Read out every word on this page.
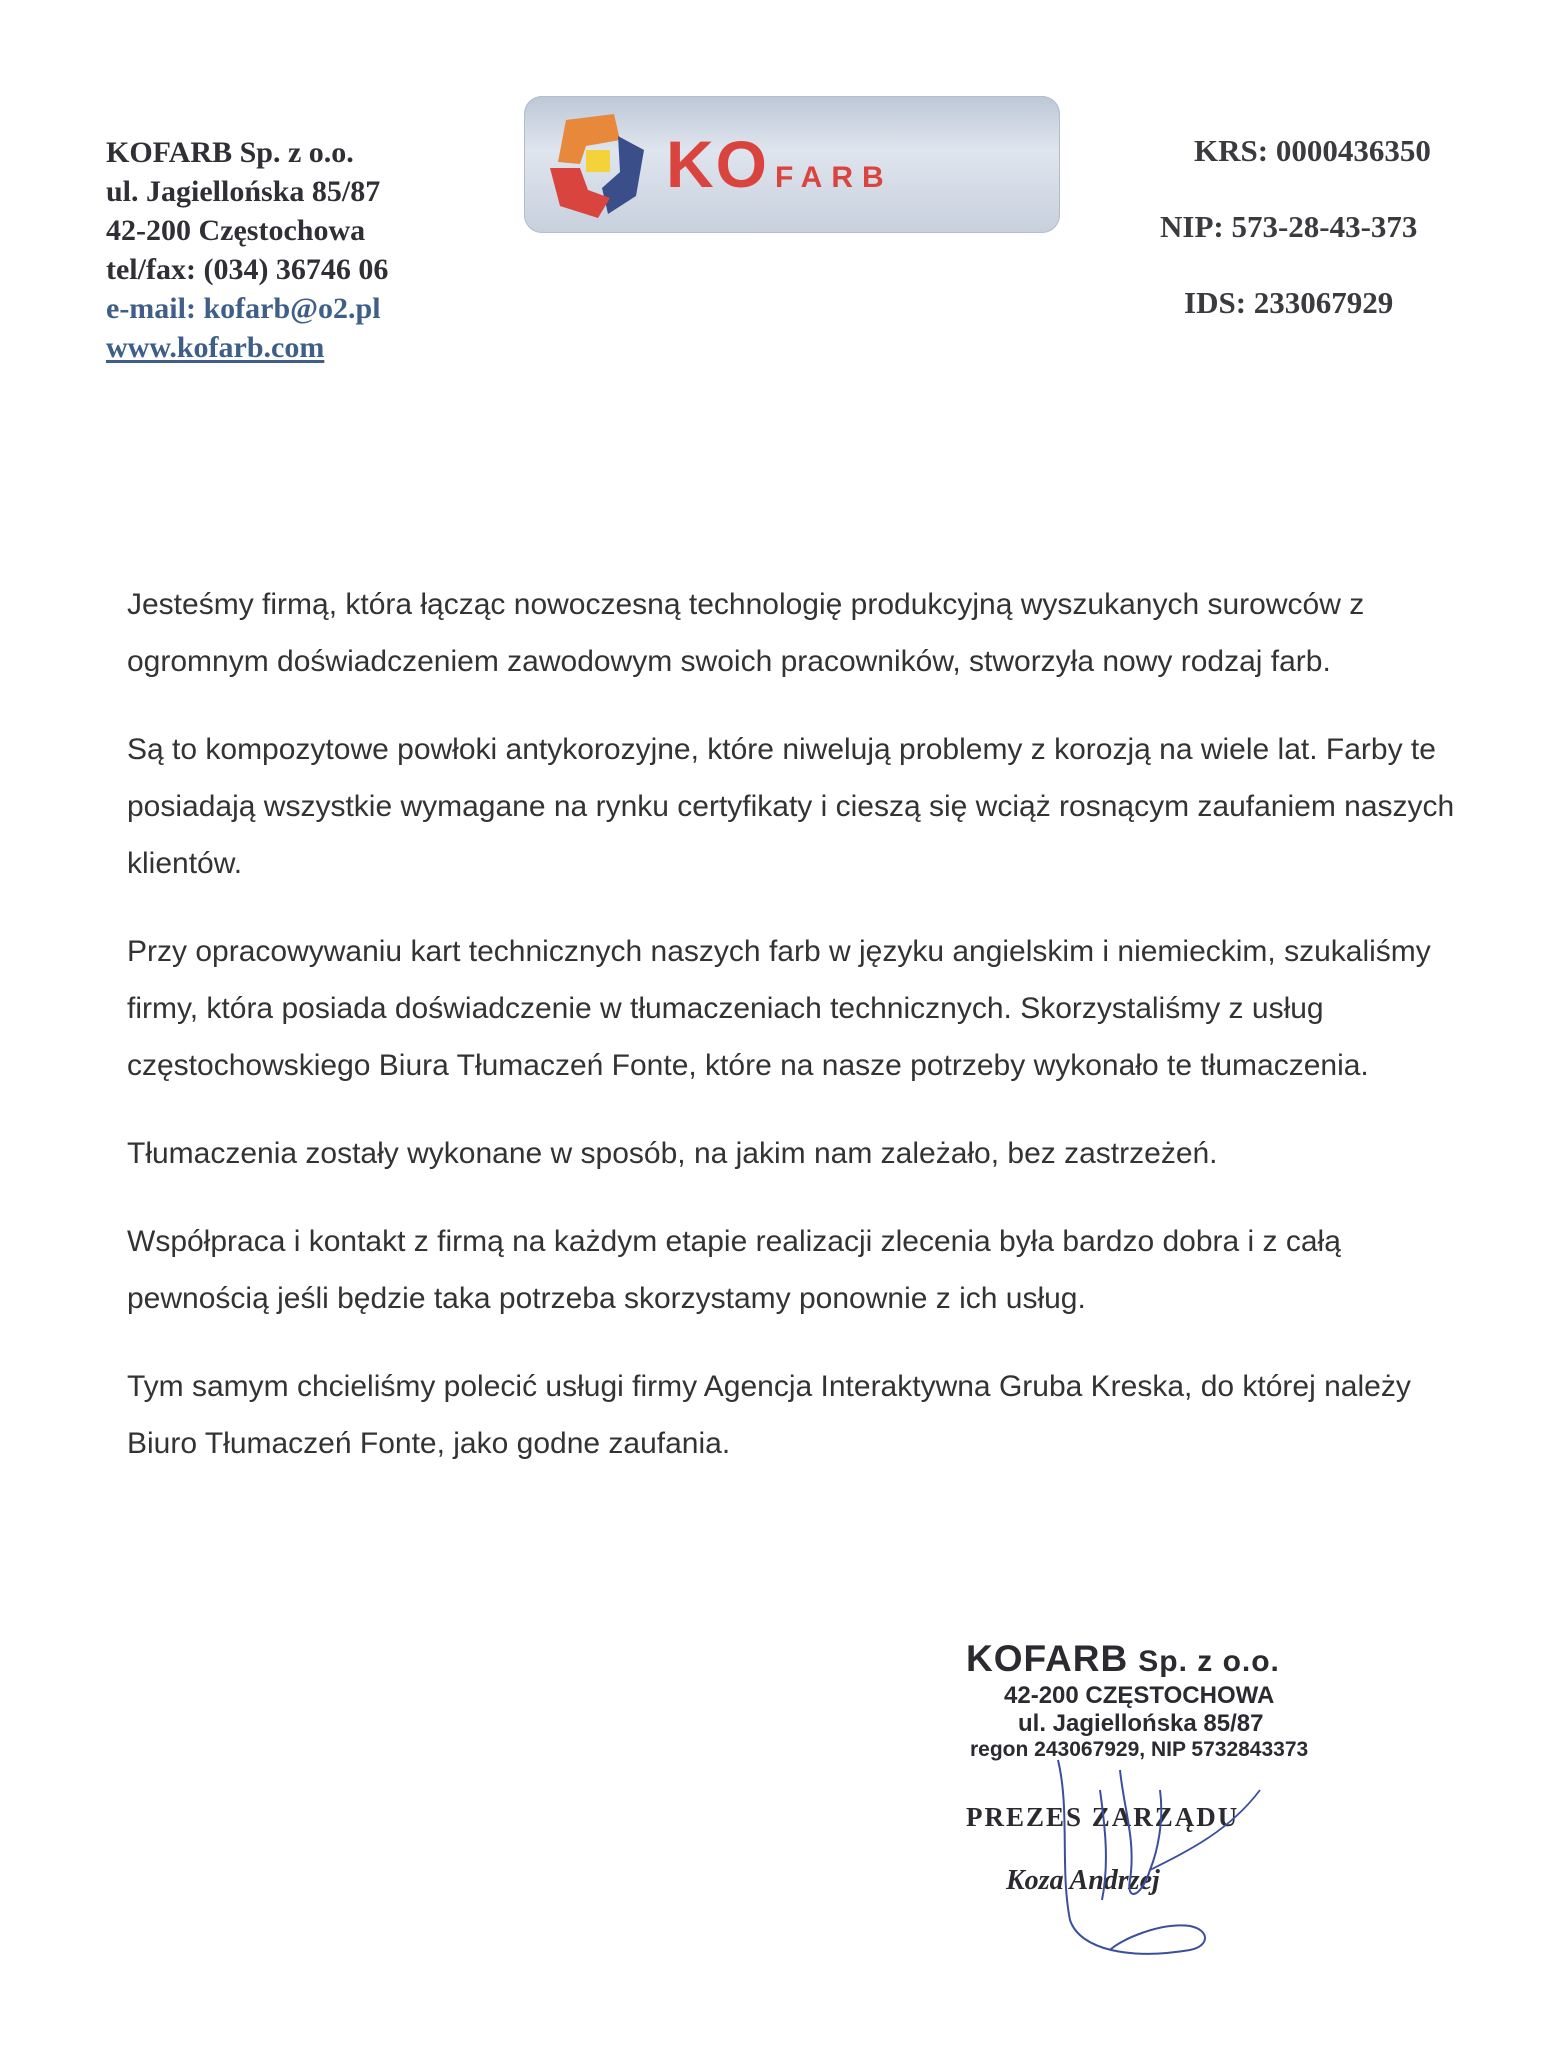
KOFARB Sp. z o.o.
ul. Jagiellońska 85/87
42-200 Częstochowa
tel/fax: (034) 36746 06
e-mail: kofarb@o2.pl
www.kofarb.com
KO FARB
KRS: 0000436350
NIP: 573-28-43-373
IDS: 233067929

Jesteśmy firmą, która łącząc nowoczesną technologię produkcyjną wyszukanych surowców z ogromnym doświadczeniem zawodowym swoich pracowników, stworzyła nowy rodzaj farb.

Są to kompozytowe powłoki antykorozyjne, które niwelują problemy z korozją na wiele lat. Farby te posiadają wszystkie wymagane na rynku certyfikaty i cieszą się wciąż rosnącym zaufaniem naszych klientów.

Przy opracowywaniu kart technicznych naszych farb w języku angielskim i niemieckim, szukaliśmy firmy, która posiada doświadczenie w tłumaczeniach technicznych. Skorzystaliśmy z usług częstochowskiego Biura Tłumaczeń Fonte, które na nasze potrzeby wykonało te tłumaczenia.

Tłumaczenia zostały wykonane w sposób, na jakim nam zależało, bez zastrzeżeń.

Współpraca i kontakt z firmą na każdym etapie realizacji zlecenia była bardzo dobra i z całą pewnością jeśli będzie taka potrzeba skorzystamy ponownie z ich usług.

Tym samym chcieliśmy polecić usługi firmy Agencja Interaktywna Gruba Kreska, do której należy Biuro Tłumaczeń Fonte, jako godne zaufania.

KOFARB Sp. z o.o.
42-200 CZĘSTOCHOWA
ul. Jagiellońska 85/87
regon 243067929, NIP 5732843373
PREZES ZARZĄDU
Koza Andrzej
